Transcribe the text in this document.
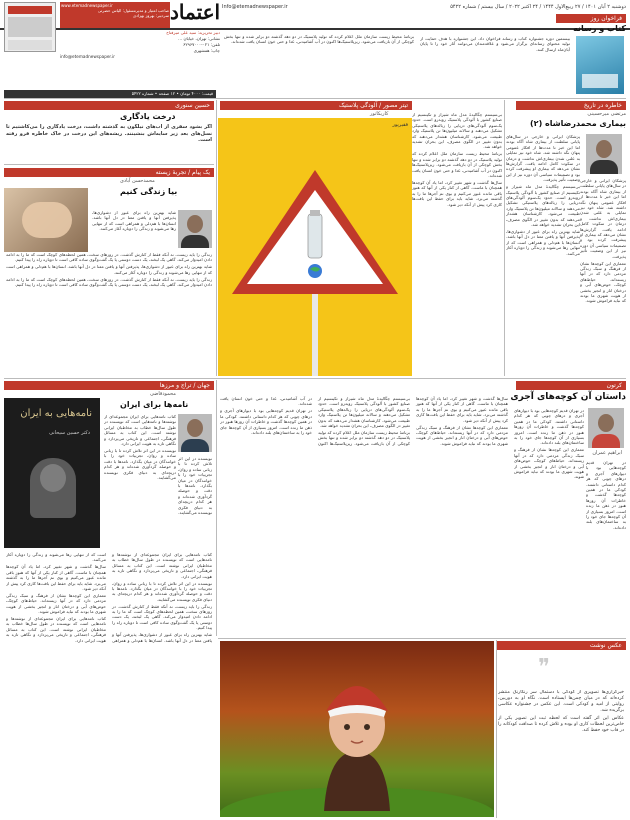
دوشنبه ۲ آبان ۱۴۰۱ / ۲۷ ربیع‌الاول ۱۴۴۴ / ۲۴ اکتبر ۲۰۲۲ / سال بیستم / شماره ۵۴۲۲
Info@etemadnewspaper.ir
اعتماد
www.etemadnewspaper.ir
صاحب امتیاز و مدیرمسئول: الیاس حضرتی
سردبیر: بهروز بهزادی
دبیر تحریریه: سید علی میرفتاح
نشانی: تهران، خیابان ...
تلفن: ۰۲۱-۶۲۹۶۷۰۰۰
چاپ: همشهری
info@etemadnewspaper.ir
قیمت: ۴۰۰۰ تومان • ۱۲ صفحه • شماره ۵۴۲۲
فراخوان روز
کتاب و رسانه
بیستمین دوره جشنواره کتاب و رسانه فراخوان داد. این جشنواره با هدف حمایت از تولید محتوای رسانه‌ای برگزار می‌شود و علاقه‌مندان می‌توانند آثار خود را تا پایان آبان‌ماه ارسال کنند.
برنامهٔ محیط زیست سازمان ملل اعلام کرده که تولید پلاستیک در دو دهه گذشته دو برابر شده و تنها بخش کوچکی از آن بازیافت می‌شود. ریزپلاستیک‌ها اکنون در آب آشامیدنی، غذا و حتی خون انسان یافت شده‌اند.
خاطره در تاریخ
مرتضی میرحسینی
بیماری محمدرضاشاه (۲)

پزشکان ایرانی و خارجی در سال‌های پایانی سلطنت از بیماری شاه آگاه بودند اما این خبر تا مدت‌ها از افکار عمومی پنهان نگه داشته شد. شاه خود نیز تمایلی به علنی شدن بیماری‌اش نداشت و درمان در سکوت کامل ادامه یافت. گزارش‌ها نشان می‌دهد که بیماری او پیشرفت کرده بود و تصمیمات سیاسی آن دوره نیز از این وضعیت تأثیر پذیرفت.

بی‌سیستم چگالیدهٔ مدل ماه شیراز و تکینسیم از صنایع کشور با آلودگی پلاستیک روبه‌رو است. حدود یک‌سوم آلودگی‌های دریایی را زباله‌های پلاستیکی تشکیل می‌دهند و سالانه میلیون‌ها تن پلاستیک وارد طبیعت می‌شود. کارشناسان هشدار می‌دهند که بدون تغییر در الگوی مصرف، این بحران تشدید خواهد شد.

شاید بهترین راه برای عبور از دشواری‌ها، پذیرفتن آنها و یافتن معنا در دل آنها باشد. انسان‌ها با هم‌دلی و همراهی است که از تنهایی رها می‌شوند و زندگی را دوباره آغاز می‌کنند.

پزشکان ایرانی و خارجی در سال‌های پایانی سلطنت از بیماری شاه آگاه بودند اما این خبر تا مدت‌ها از افکار عمومی پنهان نگه داشته شد. شاه خود نیز تمایلی به علنی شدن بیماری‌اش نداشت و درمان در سکوت کامل ادامه یافت. گزارش‌ها نشان می‌دهد که بیماری او پیشرفت کرده بود و تصمیمات سیاسی آن دوره نیز از این وضعیت تأثیر پذیرفت.

معماری این کوچه‌ها نشان از فرهنگ و سبک زندگی مردمی دارد که در آنها زیسته‌اند. حیاط‌های کوچک، حوض‌های آبی و درختان انار و انجیر بخشی از هویت شهری ما بودند که نباید فراموش شوند.

بی‌سیستم چگالیدهٔ مدل ماه شیراز و تکینسیم از صنایع کشور با آلودگی پلاستیک روبه‌رو است. حدود یک‌سوم آلودگی‌های دریایی را زباله‌های پلاستیکی تشکیل می‌دهند و سالانه میلیون‌ها تن پلاستیک وارد طبیعت می‌شود. کارشناسان هشدار می‌دهند که بدون تغییر در الگوی مصرف، این بحران تشدید خواهد شد.

برنامهٔ محیط زیست سازمان ملل اعلام کرده که تولید پلاستیک در دو دهه گذشته دو برابر شده و تنها بخش کوچکی از آن بازیافت می‌شود. ریزپلاستیک‌ها اکنون در آب آشامیدنی، غذا و حتی خون انسان یافت شده‌اند.

سال‌ها گذشت و شهر تغییر کرد، اما یاد آن کوچه‌ها همچنان با ماست. گاهی از کنار یکی از آنها که هنوز باقی مانده عبور می‌کنیم و بوی نم آجرها ما را به گذشته می‌برد. شاید باید برای حفظ این بافت‌ها کاری کرد پیش از آنکه دیر شود.

تیتر مصور / آلودگی پلاستیک
کاریکاتور
فقیرپور
حسین سنوری
درخت یادگاری
اگر بشود سفری از آب‌های نیلگون به گذشته داشت، درخت یادگاری را می‌کاشتیم تا نسل‌های بعد زیر سایه‌اش بنشینند. ریشه‌های این درخت در خاک خاطره فرو رفته است.
یک پیام / تجربهٔ زیسته
محمدحسن آبادی
بیا زندگی کنیم

زندگی را باید زیست، نه آنکه فقط از کنارش گذشت. در روزهای سخت، همین لحظه‌های کوچک است که ما را به ادامه دادن امیدوار می‌کند. گاهی یک لبخند، یک دست دوستی یا یک گفت‌وگوی ساده کافی است تا دوباره راه را پیدا کنیم.

شاید بهترین راه برای عبور از دشواری‌ها، پذیرفتن آنها و یافتن معنا در دل آنها باشد. انسان‌ها با هم‌دلی و همراهی است که از تنهایی رها می‌شوند و زندگی را دوباره آغاز می‌کنند.

زندگی را باید زیست، نه آنکه فقط از کنارش گذشت. در روزهای سخت، همین لحظه‌های کوچک است که ما را به ادامه دادن امیدوار می‌کند. گاهی یک لبخند، یک دست دوستی یا یک گفت‌وگوی ساده کافی است تا دوباره راه را پیدا کنیم.

شاید بهترین راه برای عبور از دشواری‌ها، پذیرفتن آنها و یافتن معنا در دل آنها باشد. انسان‌ها با هم‌دلی و همراهی است که از تنهایی رها می‌شوند و زندگی را دوباره آغاز می‌کنند.
کرتون
داستان آن کوچه‌های آجری
ابراهیم عمران

در تهران قدیم کوچه‌هایی بود با دیوارهای آجری و درهای چوبی که هر کدام داستانی داشتند. کودکی ما در همین کوچه‌ها گذشت و خاطرات آن روزها هنوز در ذهن ما زنده است. امروز بسیاری از آن کوچه‌ها جای خود را به ساختمان‌های بلند داده‌اند.

معماری این کوچه‌ها نشان از فرهنگ و سبک زندگی مردمی دارد که در آنها زیسته‌اند. حیاط‌های کوچک، حوض‌های آبی و درختان انار و انجیر بخشی از هویت شهری ما بودند که نباید فراموش شوند.

در تهران قدیم کوچه‌هایی بود با دیوارهای آجری و درهای چوبی که هر کدام داستانی داشتند. کودکی ما در همین کوچه‌ها گذشت و خاطرات آن روزها هنوز در ذهن ما زنده است. امروز بسیاری از آن کوچه‌ها جای خود را به ساختمان‌های بلند داده‌اند.

سال‌ها گذشت و شهر تغییر کرد، اما یاد آن کوچه‌ها همچنان با ماست. گاهی از کنار یکی از آنها که هنوز باقی مانده عبور می‌کنیم و بوی نم آجرها ما را به گذشته می‌برد. شاید باید برای حفظ این بافت‌ها کاری کرد پیش از آنکه دیر شود.

معماری این کوچه‌ها نشان از فرهنگ و سبک زندگی مردمی دارد که در آنها زیسته‌اند. حیاط‌های کوچک، حوض‌های آبی و درختان انار و انجیر بخشی از هویت شهری ما بودند که نباید فراموش شوند.

بی‌سیستم چگالیدهٔ مدل ماه شیراز و تکینسیم از صنایع کشور با آلودگی پلاستیک روبه‌رو است. حدود یک‌سوم آلودگی‌های دریایی را زباله‌های پلاستیکی تشکیل می‌دهند و سالانه میلیون‌ها تن پلاستیک وارد طبیعت می‌شود. کارشناسان هشدار می‌دهند که بدون تغییر در الگوی مصرف، این بحران تشدید خواهد شد.

برنامهٔ محیط زیست سازمان ملل اعلام کرده که تولید پلاستیک در دو دهه گذشته دو برابر شده و تنها بخش کوچکی از آن بازیافت می‌شود. ریزپلاستیک‌ها اکنون در آب آشامیدنی، غذا و حتی خون انسان یافت شده‌اند.

در تهران قدیم کوچه‌هایی بود با دیوارهای آجری و درهای چوبی که هر کدام داستانی داشتند. کودکی ما در همین کوچه‌ها گذشت و خاطرات آن روزها هنوز در ذهن ما زنده است. امروز بسیاری از آن کوچه‌ها جای خود را به ساختمان‌های بلند داده‌اند.

جهان / تراج و مرزها
محمودقاضی
نامه‌ها برای ایران
نامه‌هایی به ایران
دکتر حسین سیحانی

کتاب نامه‌هایی برای ایران مجموعه‌ای از نوشته‌ها و نامه‌هایی است که نویسنده در طول سال‌ها خطاب به مخاطبان ایرانی نوشته است. این کتاب به مسائل فرهنگی، اجتماعی و تاریخی می‌پردازد و نگاهی تازه به هویت ایرانی دارد.

نویسنده در این اثر تلاش کرده تا با زبانی ساده و روان، تجربیات خود را با خوانندگان در میان بگذارد. نامه‌ها با دقت و حوصله گردآوری شده‌اند و هر کدام دریچه‌ای به دنیای فکری نویسنده می‌گشایند.

نویسنده در این اثر تلاش کرده تا با زبانی ساده و روان، تجربیات خود را با خوانندگان در میان بگذارد. نامه‌ها با دقت و حوصله گردآوری شده‌اند و هر کدام دریچه‌ای به دنیای فکری نویسنده می‌گشایند.

کتاب نامه‌هایی برای ایران مجموعه‌ای از نوشته‌ها و نامه‌هایی است که نویسنده در طول سال‌ها خطاب به مخاطبان ایرانی نوشته است. این کتاب به مسائل فرهنگی، اجتماعی و تاریخی می‌پردازد و نگاهی تازه به هویت ایرانی دارد.

نویسنده در این اثر تلاش کرده تا با زبانی ساده و روان، تجربیات خود را با خوانندگان در میان بگذارد. نامه‌ها با دقت و حوصله گردآوری شده‌اند و هر کدام دریچه‌ای به دنیای فکری نویسنده می‌گشایند.

زندگی را باید زیست، نه آنکه فقط از کنارش گذشت. در روزهای سخت، همین لحظه‌های کوچک است که ما را به ادامه دادن امیدوار می‌کند. گاهی یک لبخند، یک دست دوستی یا یک گفت‌وگوی ساده کافی است تا دوباره راه را پیدا کنیم.

شاید بهترین راه برای عبور از دشواری‌ها، پذیرفتن آنها و یافتن معنا در دل آنها باشد. انسان‌ها با هم‌دلی و همراهی است که از تنهایی رها می‌شوند و زندگی را دوباره آغاز می‌کنند.

سال‌ها گذشت و شهر تغییر کرد، اما یاد آن کوچه‌ها همچنان با ماست. گاهی از کنار یکی از آنها که هنوز باقی مانده عبور می‌کنیم و بوی نم آجرها ما را به گذشته می‌برد. شاید باید برای حفظ این بافت‌ها کاری کرد پیش از آنکه دیر شود.

معماری این کوچه‌ها نشان از فرهنگ و سبک زندگی مردمی دارد که در آنها زیسته‌اند. حیاط‌های کوچک، حوض‌های آبی و درختان انار و انجیر بخشی از هویت شهری ما بودند که نباید فراموش شوند.

کتاب نامه‌هایی برای ایران مجموعه‌ای از نوشته‌ها و نامه‌هایی است که نویسنده در طول سال‌ها خطاب به مخاطبان ایرانی نوشته است. این کتاب به مسائل فرهنگی، اجتماعی و تاریخی می‌پردازد و نگاهی تازه به هویت ایرانی دارد.

عکس نوشت
❞

خبرگزاری‌ها تصویری از کودکی با دستمال سر رنگارنگ منتشر کرده‌اند که در میان چمن‌ها ایستاده است. نگاه او به دوربین، روایتی از امید و کودکی است. این عکس در جشنواره عکاسی برگزیده شد.

عکاس این اثر گفته است که لحظه ثبت این تصویر یکی از خاص‌ترین لحظات کاری او بوده و تلاش کرده تا صداقت کودکانه را در قاب خود حفظ کند.
